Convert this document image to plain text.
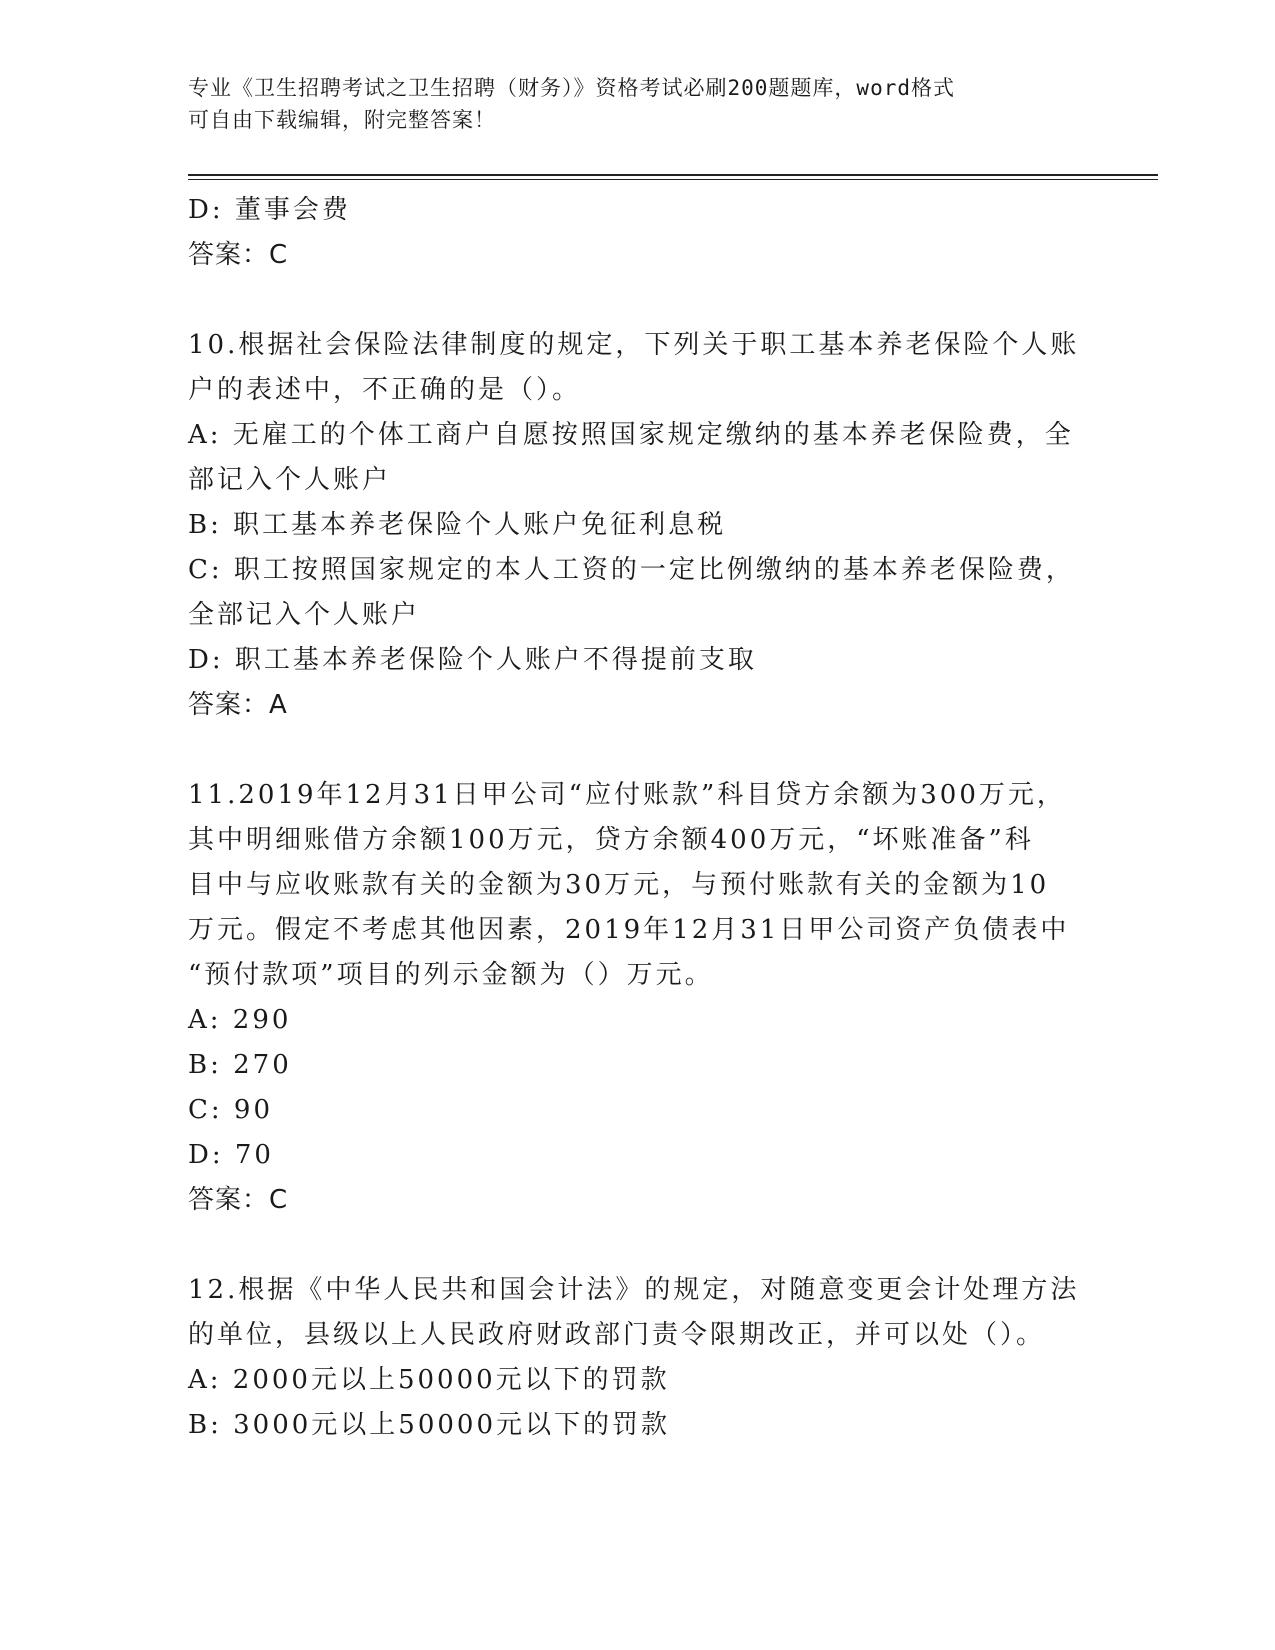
专业《卫生招聘考试之卫生招聘（财务）》资格考试必刷200题题库，word格式
可自由下载编辑，附完整答案！
D: 董事会费
答案：C
10.根据社会保险法律制度的规定，下列关于职工基本养老保险个人账
户的表述中，不正确的是（）。
A: 无雇工的个体工商户自愿按照国家规定缴纳的基本养老保险费，全
部记入个人账户
B: 职工基本养老保险个人账户免征利息税
C: 职工按照国家规定的本人工资的一定比例缴纳的基本养老保险费，
全部记入个人账户
D: 职工基本养老保险个人账户不得提前支取
答案：A
11.2019年12月31日甲公司“应付账款”科目贷方余额为300万元，
其中明细账借方余额100万元，贷方余额400万元，“坏账准备”科
目中与应收账款有关的金额为30万元，与预付账款有关的金额为10
万元。假定不考虑其他因素，2019年12月31日甲公司资产负债表中
“预付款项”项目的列示金额为（）万元。
A: 290
B: 270
C: 90
D: 70
答案：C
12.根据《中华人民共和国会计法》的规定，对随意变更会计处理方法
的单位，县级以上人民政府财政部门责令限期改正，并可以处（）。
A: 2000元以上50000元以下的罚款
B: 3000元以上50000元以下的罚款
